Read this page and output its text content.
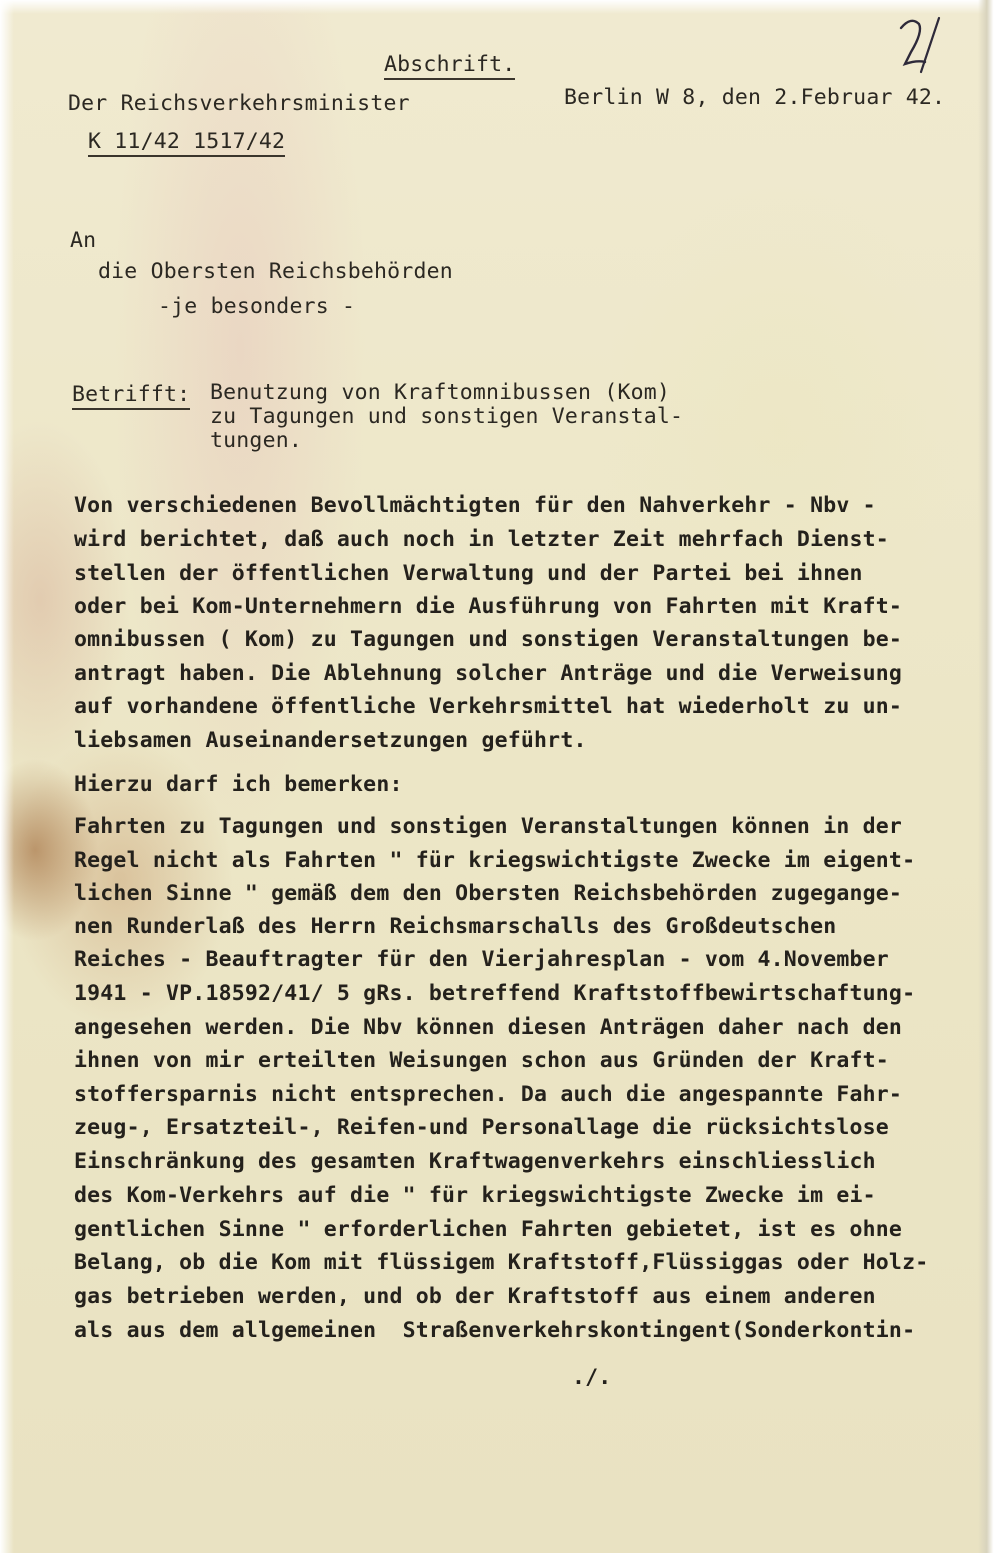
Abschrift.

Der Reichsverkehrsminister	Berlin W 8, den 2.Februar 42.

K 11/42 1517/42

An

die Obersten Reichsbehörden

-je besonders -

Betrifft: Benutzung von Kraftomnibussen (Kom)

zu Tagungen und sonstigen Veranstal-

tungen.

Von verschiedenen Bevollmächtigten für den Nahverkehr - Nbv -

wird berichtet, daß auch noch in letzter Zeit mehrfach Dienst-

stellen der öffentlichen Verwaltung und der Partei bei ihnen

oder bei Kom-Unternehmern die Ausführung von Fahrten mit Kraft-

omnibussen ( Kom) zu Tagungen und sonstigen Veranstaltungen be-

antragt haben. Die Ablehnung solcher Anträge und die Verweisung

auf vorhandene öffentliche Verkehrsmittel hat wiederholt zu un-

liebsamen Auseinandersetzungen geführt.

Hierzu darf ich bemerken:

Fahrten zu Tagungen und sonstigen Veranstaltungen können in der

Regel nicht als Fahrten " für kriegswichtigste Zwecke im eigent-

lichen Sinne " gemäß dem den Obersten Reichsbehörden zugegange-

nen Runderlaß des Herrn Reichsmarschalls des Großdeutschen

Reiches - Beauftragter für den Vierjahresplan - vom 4.November

1941 - VP.18592/41/ 5 gRs. betreffend Kraftstoffbewirtschaftung-

angesehen werden. Die Nbv können diesen Anträgen daher nach den

ihnen von mir erteilten Weisungen schon aus Gründen der Kraft-

stoffersparnis nicht entsprechen. Da auch die angespannte Fahr-

zeug-, Ersatzteil-, Reifen-und Personallage die rücksichtslose

Einschränkung des gesamten Kraftwagenverkehrs einschliesslich

des Kom-Verkehrs auf die " für kriegswichtigste Zwecke im ei-

gentlichen Sinne " erforderlichen Fahrten gebietet, ist es ohne

Belang, ob die Kom mit flüssigem Kraftstoff,Flüssiggas oder Holz-

gas betrieben werden, und ob der Kraftstoff aus einem anderen

als aus dem allgemeinen  Straßenverkehrskontingent(Sonderkontin-

./.
